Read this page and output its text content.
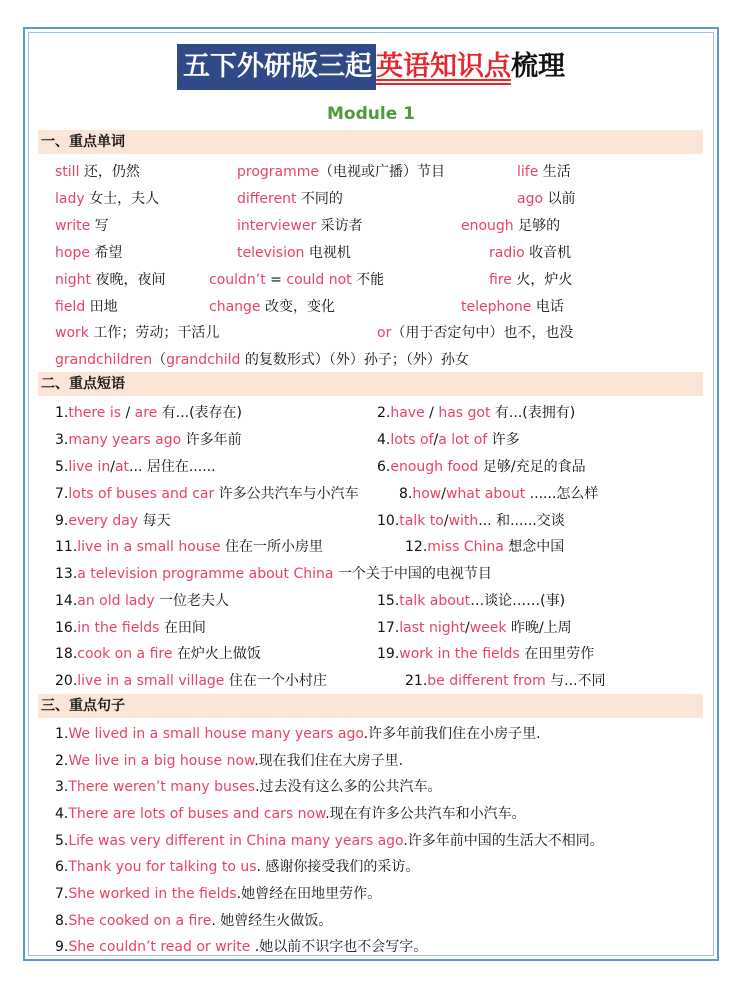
五下外研版三起 英语知识点梳理
Module 1
一、重点单词
二、重点短语
三、重点句子
still 还，仍然	programme（电视或广播）节目	life 生活
lady 女士，夫人	different 不同的	ago 以前
write 写	interviewer 采访者	enough 足够的
hope 希望	television 电视机	radio 收音机
night 夜晚，夜间	couldn’t = could not 不能	fire 火，炉火
field 田地	change 改变，变化	telephone 电话
work 工作；劳动；干活儿	or（用于否定句中）也不，也没
grandchildren（grandchild 的复数形式）（外）孙子；（外）孙女
1.there is / are 有...(表存在)	2.have / has got 有...(表拥有)
3.many years ago 许多年前	4.lots of/a lot of 许多
5.live in/at... 居住在......	6.enough food 足够/充足的食品
7.lots of buses and car 许多公共汽车与小汽车	8.how/what about ......怎么样
9.every day 每天	10.talk to/with... 和......交谈
11.live in a small house 住在一所小房里	12.miss China 想念中国
13.a television programme about China 一个关于中国的电视节目
14.an old lady 一位老夫人	15.talk about…谈论……(事)
16.in the fields 在田间	17.last night/week 昨晚/上周
18.cook on a fire 在炉火上做饭	19.work in the fields 在田里劳作
20.live in a small village 住在一个小村庄	21.be different from 与...不同
1.We lived in a small house many years ago.许多年前我们住在小房子里.
2.We live in a big house now.现在我们住在大房子里.
3.There weren’t many buses.过去没有这么多的公共汽车。
4.There are lots of buses and cars now.现在有许多公共汽车和小汽车。
5.Life was very different in China many years ago.许多年前中国的生活大不相同。
6.Thank you for talking to us. 感谢你接受我们的采访。
7.She worked in the fields.她曾经在田地里劳作。
8.She cooked on a fire. 她曾经生火做饭。
9.She couldn’t read or write .她以前不识字也不会写字。
